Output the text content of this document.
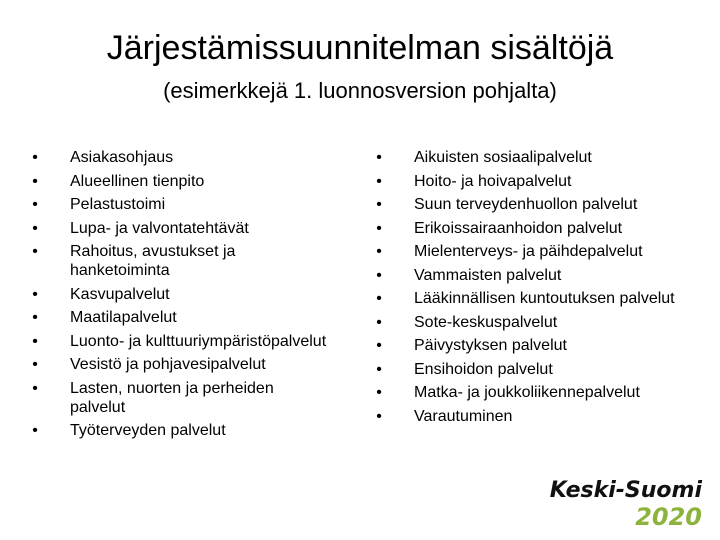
Järjestämissuunnitelman sisältöjä
(esimerkkejä 1. luonnosversion pohjalta)
• Asiakasohjaus
• Alueellinen tienpito
• Pelastustoimi
• Lupa- ja valvontatehtävät
• Rahoitus, avustukset ja hanketoiminta
• Kasvupalvelut
• Maatilapalvelut
• Luonto- ja kulttuuriympäristöpalvelut
• Vesistö ja pohjavesipalvelut
• Lasten, nuorten ja perheiden palvelut
• Työterveyden palvelut
• Aikuisten sosiaalipalvelut
• Hoito- ja hoivapalvelut
• Suun terveydenhuollon palvelut
• Erikoissairaanhoidon palvelut
• Mielenterveys- ja päihdepalvelut
• Vammaisten palvelut
• Lääkinnällisen kuntoutuksen palvelut
• Sote-keskuspalvelut
• Päivystyksen palvelut
• Ensihoidon palvelut
• Matka- ja joukkoliikennepalvelut
• Varautuminen
Keski-Suomi
2020
